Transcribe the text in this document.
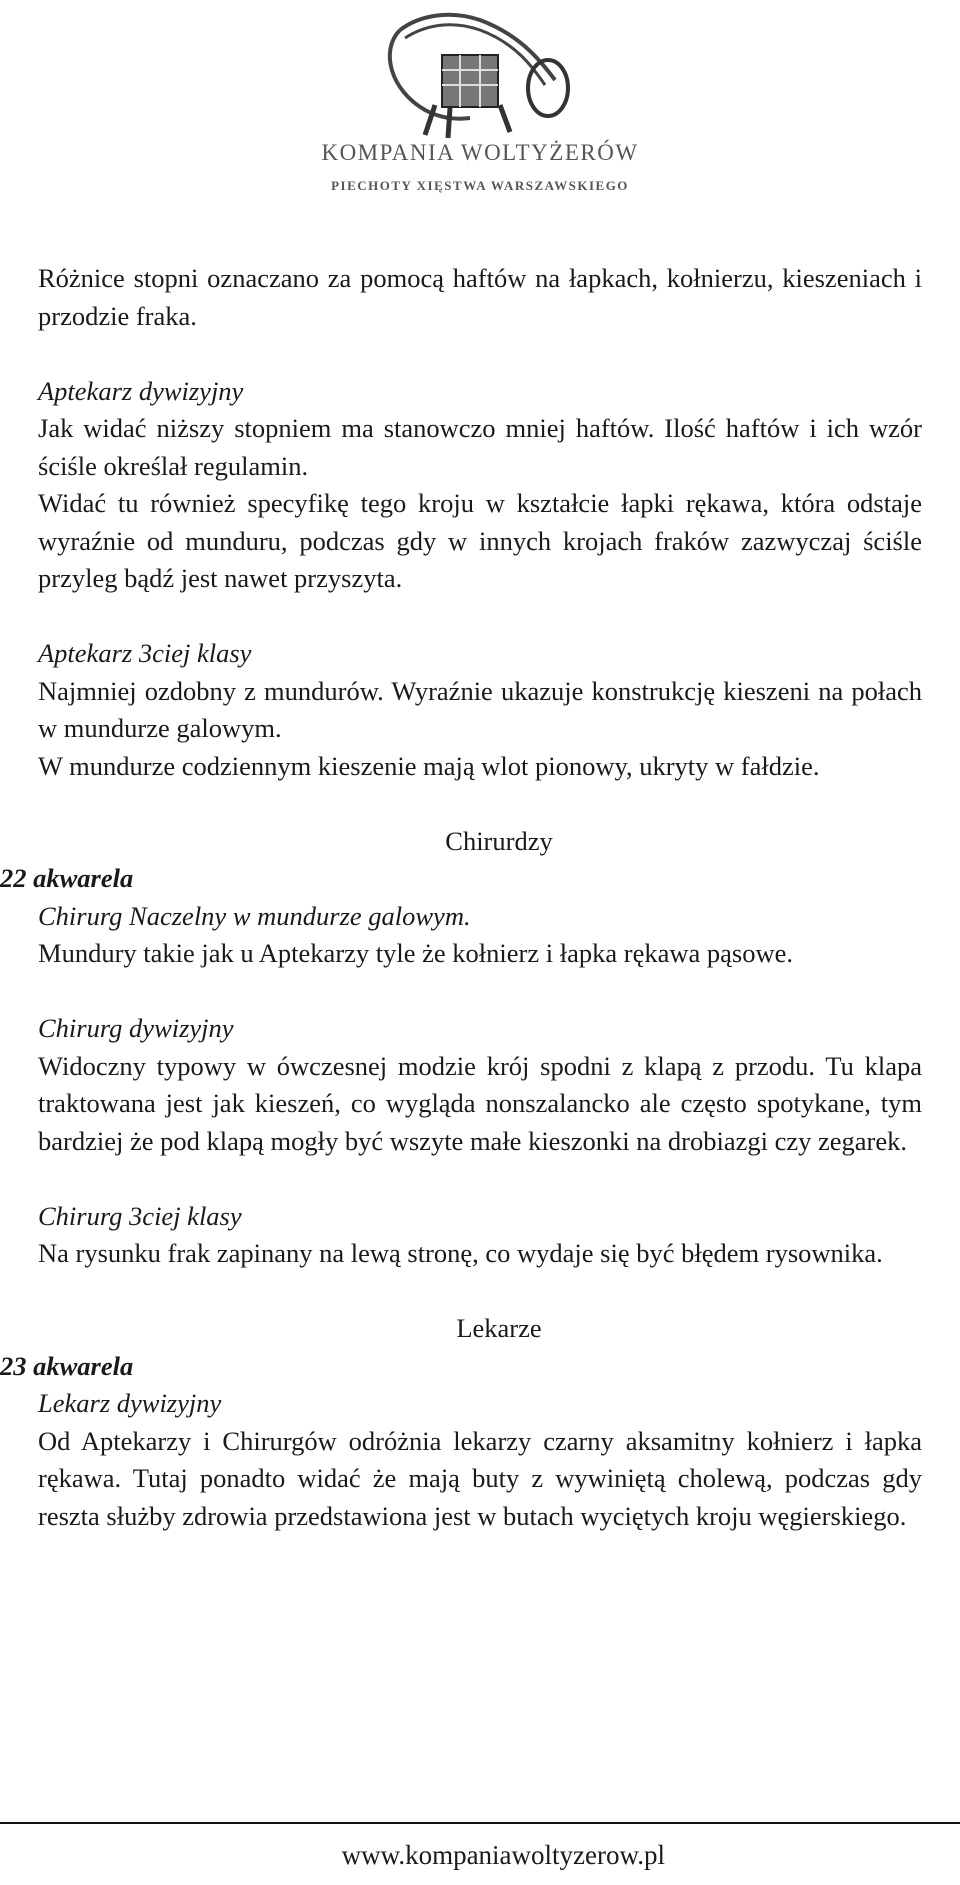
KOMPANIA WOLTYŻERÓW
PIECHOTY XIĘSTWA WARSZAWSKIEGO

Różnice stopni oznaczano za pomocą haftów na łapkach, kołnierzu, kieszeniach i przodzie fraka.

Aptekarz dywizyjny

Jak widać niższy stopniem ma stanowczo mniej haftów. Ilość haftów i ich wzór ściśle określał regulamin.

Widać tu również specyfikę tego kroju w kształcie łapki rękawa, która odstaje wyraźnie od munduru, podczas gdy w innych krojach fraków zazwyczaj ściśle przyleg bądź jest nawet przyszyta.

Aptekarz 3ciej klasy

Najmniej ozdobny z mundurów. Wyraźnie ukazuje konstrukcję kieszeni na połach w mundurze galowym.

W mundurze codziennym kieszenie mają wlot pionowy, ukryty w fałdzie.

Chirurdzy

22 akwarela

Chirurg Naczelny w mundurze galowym.

Mundury takie jak u Aptekarzy tyle że kołnierz i łapka rękawa pąsowe.

Chirurg dywizyjny

Widoczny typowy w ówczesnej modzie krój spodni z klapą z przodu. Tu klapa traktowana jest jak kieszeń, co wygląda nonszalancko ale często spotykane, tym bardziej że pod klapą mogły być wszyte małe kieszonki na drobiazgi czy zegarek.

Chirurg 3ciej klasy

Na rysunku frak zapinany na lewą stronę, co wydaje się być błędem rysownika.

Lekarze

23 akwarela

Lekarz dywizyjny

Od Aptekarzy i Chirurgów odróżnia lekarzy czarny aksamitny kołnierz i łapka rękawa. Tutaj ponadto widać że mają buty z wywiniętą cholewą, podczas gdy reszta służby zdrowia przedstawiona jest w butach wyciętych kroju węgierskiego.

www.kompaniawoltyzerow.pl
